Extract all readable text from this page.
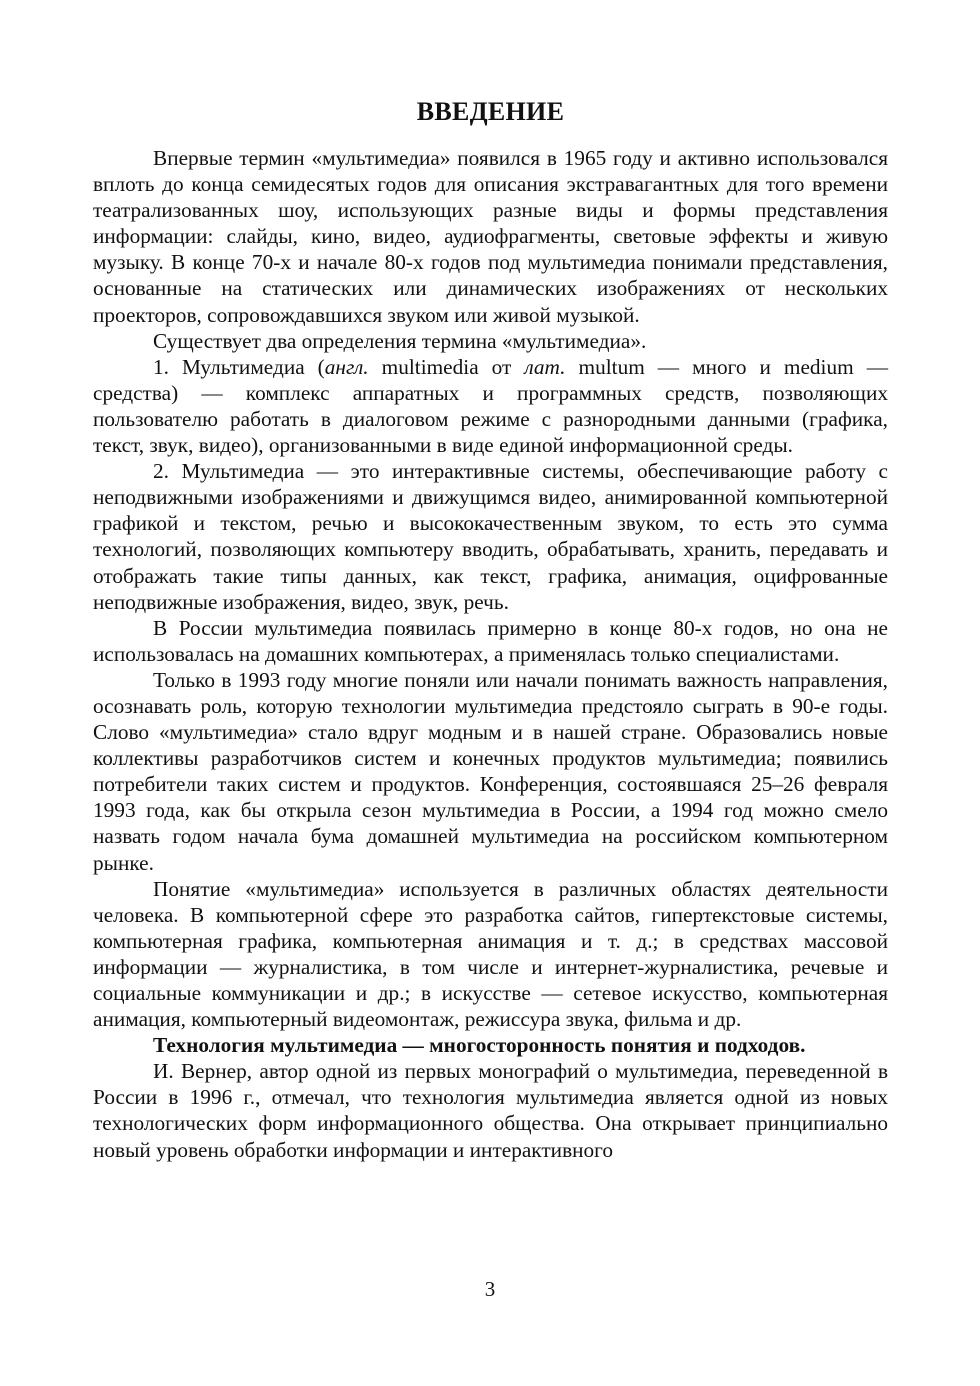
ВВЕДЕНИЕ

Впервые термин «мультимедиа» появился в 1965 году и активно использовался вплоть до конца семидесятых годов для описания экстравагантных для того времени театрализованных шоу, использующих разные виды и формы представления информации: слайды, кино, видео, аудиофрагменты, световые эффекты и живую музыку. В конце 70-х и начале 80-х годов под мультимедиа понимали представления, основанные на статических или динамических изображениях от нескольких проекторов, сопровождавшихся звуком или живой музыкой.

Существует два определения термина «мультимедиа».

1. Мультимедиа (англ. multimedia от лат. multum — много и medium — средства) — комплекс аппаратных и программных средств, позволяющих пользователю работать в диалоговом режиме с разнородными данными (графика, текст, звук, видео), организованными в виде единой информационной среды.

2. Мультимедиа — это интерактивные системы, обеспечивающие работу с неподвижными изображениями и движущимся видео, анимированной компьютерной графикой и текстом, речью и высококачественным звуком, то есть это сумма технологий, позволяющих компьютеру вводить, обрабатывать, хранить, передавать и отображать такие типы данных, как текст, графика, анимация, оцифрованные неподвижные изображения, видео, звук, речь.

В России мультимедиа появилась примерно в конце 80-х годов, но она не использовалась на домашних компьютерах, а применялась только специалистами.

Только в 1993 году многие поняли или начали понимать важность направления, осознавать роль, которую технологии мультимедиа предстояло сыграть в 90-е годы. Слово «мультимедиа» стало вдруг модным и в нашей стране. Образовались новые коллективы разработчиков систем и конечных продуктов мультимедиа; появились потребители таких систем и продуктов. Конференция, состоявшаяся 25–26 февраля 1993 года, как бы открыла сезон мультимедиа в России, а 1994 год можно смело назвать годом начала бума домашней мультимедиа на российском компьютерном рынке.

Понятие «мультимедиа» используется в различных областях деятельности человека. В компьютерной сфере это разработка сайтов, гипертекстовые системы, компьютерная графика, компьютерная анимация и т. д.; в средствах массовой информации — журналистика, в том числе и интернет-журналистика, речевые и социальные коммуникации и др.; в искусстве — сетевое искусство, компьютерная анимация, компьютерный видеомонтаж, режиссура звука, фильма и др.

Технология мультимедиа — многосторонность понятия и подходов.

И. Вернер, автор одной из первых монографий о мультимедиа, переведенной в России в 1996 г., отмечал, что технология мультимедиа является одной из новых технологических форм информационного общества. Она открывает принципиально новый уровень обработки информации и интерактивного

3
